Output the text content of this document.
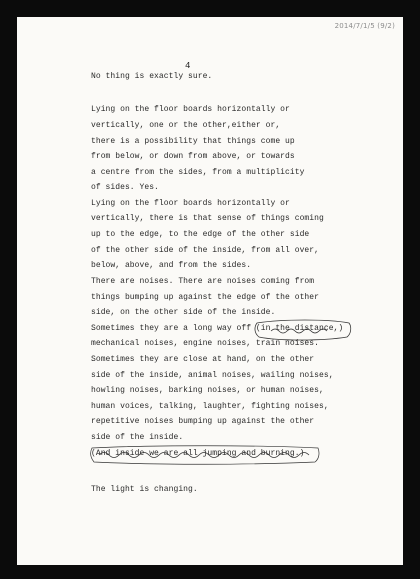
2014/7/1/5 (9/2)
4
No thing is exactly sure.
Lying on the floor boards horizontally or
vertically, one or the other,either or,
there is a possibility that things come up
from below, or down from above, or towards
a centre from the sides, from a multiplicity
of sides. Yes.
Lying on the floor boards horizontally or
vertically, there is that sense of things coming
up to the edge, to the edge of the other side
of the other side of the inside, from all over,
below, above, and from the sides.
There are noises. There are noises coming from
things bumping up against the edge of the other
side, on the other side of the inside.
Sometimes they are a long way off (in the distance,)
mechanical noises, engine noises, train noises.
Sometimes they are close at hand, on the other
side of the inside, animal noises, wailing noises,
howling noises, barking noises, or human noises,
human voices, talking, laughter, fighting noises,
repetitive noises bumping up against the other
side of the inside.
(And inside we are all jumping and burning.)
The light is changing.
